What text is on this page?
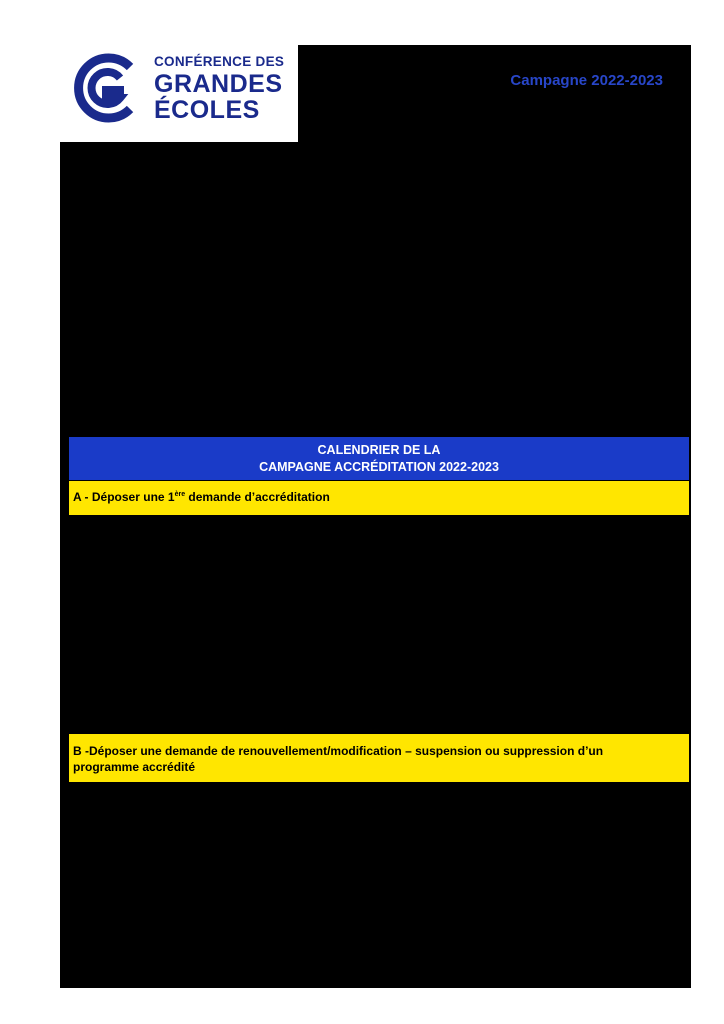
CONFÉRENCE DES
GRANDES
ÉCOLES
Campagne 2022-2023
CALENDRIER DE LA
CAMPAGNE ACCRÉDITATION 2022-2023
A - Déposer une 1ère demande d’accréditation
B -Déposer une demande de renouvellement/modification – suspension ou suppression d’un
programme accrédité
